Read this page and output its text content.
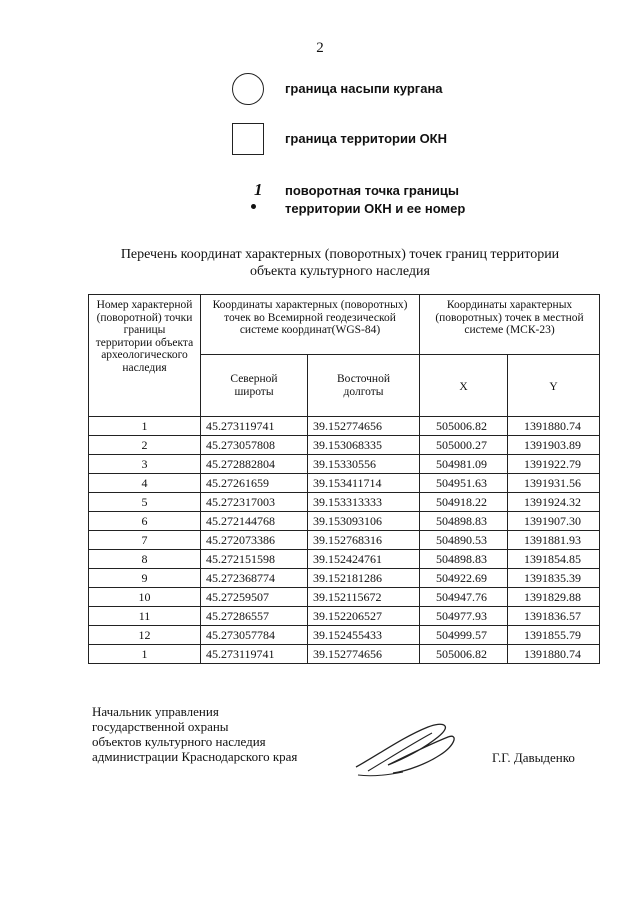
2
граница насыпи кургана
граница территории ОКН
1 поворотная точка границы
территории ОКН и ее номер
Перечень координат характерных (поворотных) точек границ территории
объекта культурного наследия
Номер характерной (поворотной) точки границы территории объекта археологического наследия	Координаты характерных (поворотных) точек во Всемирной геодезической системе координат(WGS-84)		Координаты характерных (поворотных) точек в местной системе (МСК-23)	
	Северной широты	Восточной долготы	X	Y
1	45.273119741	39.152774656	505006.82	1391880.74
2	45.273057808	39.153068335	505000.27	1391903.89
3	45.272882804	39.15330556	504981.09	1391922.79
4	45.27261659	39.153411714	504951.63	1391931.56
5	45.272317003	39.153313333	504918.22	1391924.32
6	45.272144768	39.153093106	504898.83	1391907.30
7	45.272073386	39.152768316	504890.53	1391881.93
8	45.272151598	39.152424761	504898.83	1391854.85
9	45.272368774	39.152181286	504922.69	1391835.39
10	45.27259507	39.152115672	504947.76	1391829.88
11	45.27286557	39.152206527	504977.93	1391836.57
12	45.273057784	39.152455433	504999.57	1391855.79
1	45.273119741	39.152774656	505006.82	1391880.74
Начальник управления
государственной охраны
объектов культурного наследия
администрации Краснодарского края	Г.Г. Давыденко
